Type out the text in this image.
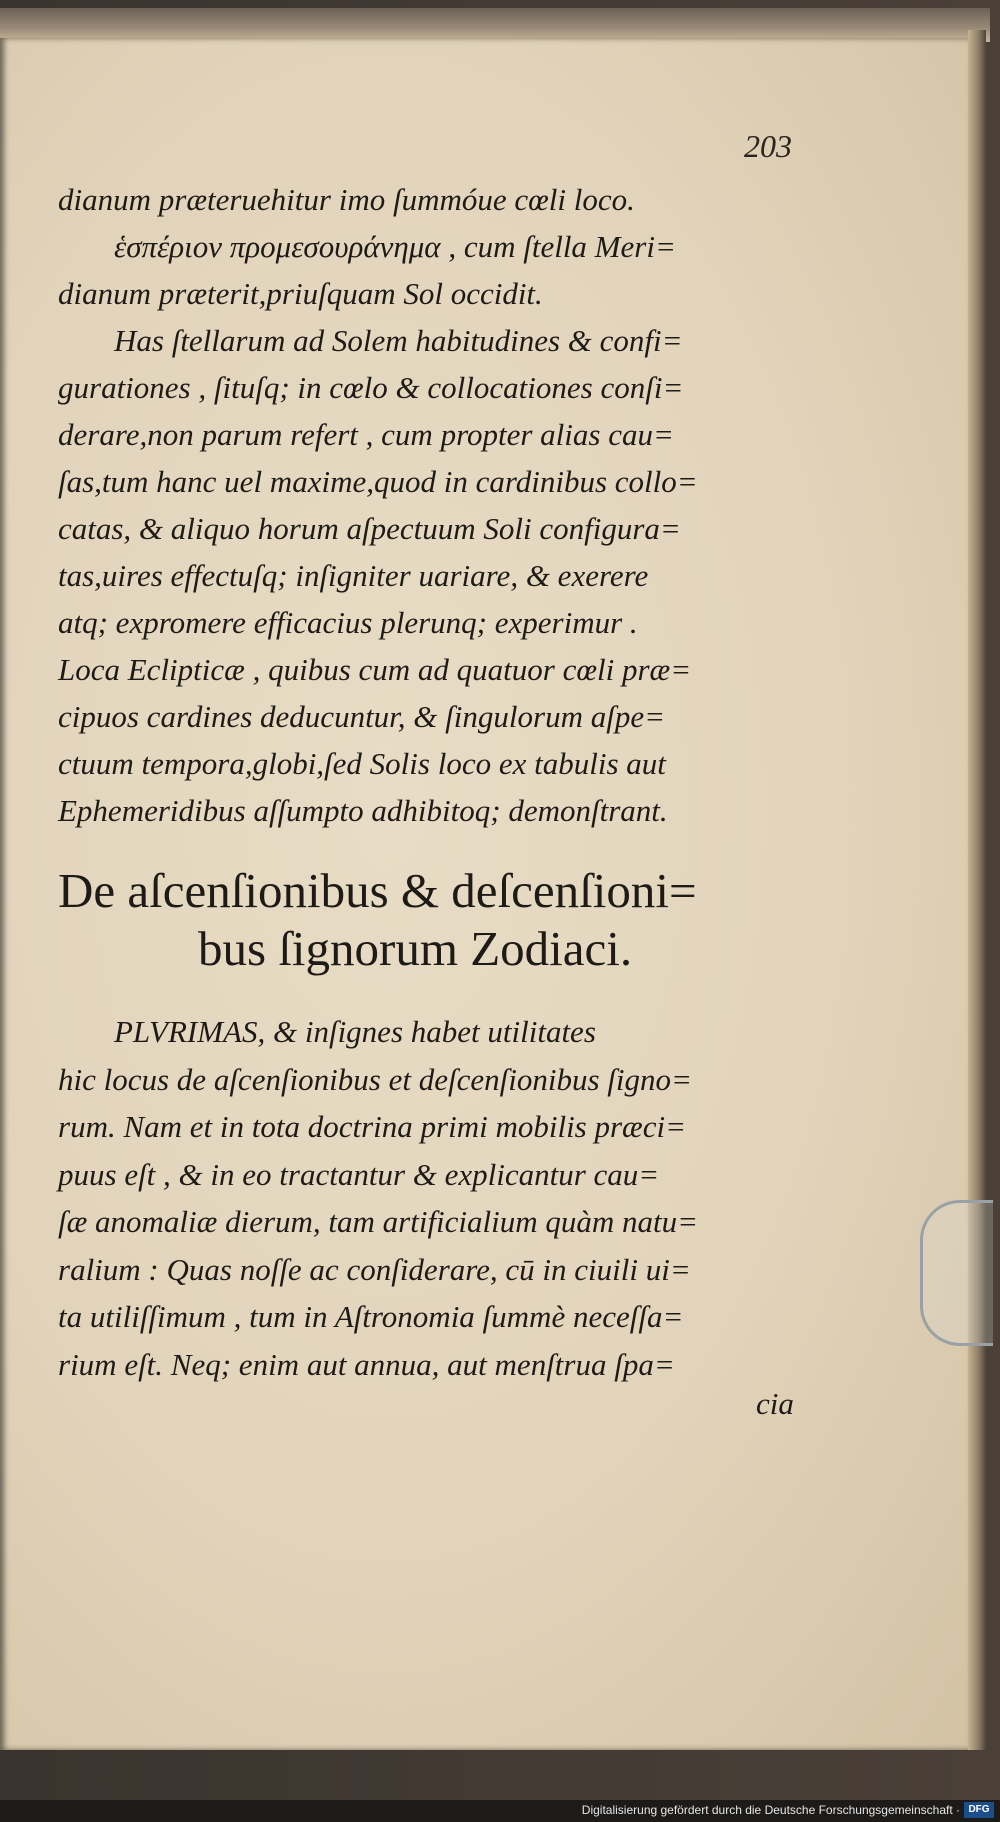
203
dianum præteruehitur imo ſummóue cœli loco.
ἑσπέριον προμεσουράνημα , cum ſtella Meri=
dianum præterit,priuſquam Sol occidit.
Has ſtellarum ad Solem habitudines & confi=
gurationes , ſituſq; in cœlo & collocationes conſi=
derare,non parum refert , cum propter alias cau=
ſas,tum hanc uel maxime,quod in cardinibus collo=
catas, & aliquo horum aſpectuum Soli configura=
tas,uires effectuſq; inſigniter uariare, & exerere
atq; expromere efficacius plerunq; experimur .
Loca Eclipticæ , quibus cum ad quatuor cœli præ=
cipuos cardines deducuntur, & ſingulorum aſpe=
ctuum tempora,globi,ſed Solis loco ex tabulis aut
Ephemeridibus aſſumpto adhibitoq; demonſtrant.
De aſcenſionibus & deſcenſioni=
bus ſignorum Zodiaci.
PLVRIMAS, & inſignes habet utilitates
hic locus de aſcenſionibus et deſcenſionibus ſigno=
rum. Nam et in tota doctrina primi mobilis præci=
puus eſt , & in eo tractantur & explicantur cau=
ſæ anomaliæ dierum, tam artificialium quàm natu=
ralium : Quas noſſe ac conſiderare, cū in ciuili ui=
ta utiliſſimum , tum in Aſtronomia ſummè neceſſa=
rium eſt. Neq; enim aut annua, aut menſtrua ſpa=
cia
Digitalisierung gefördert durch die Deutsche Forschungsgemeinschaft · DFG
